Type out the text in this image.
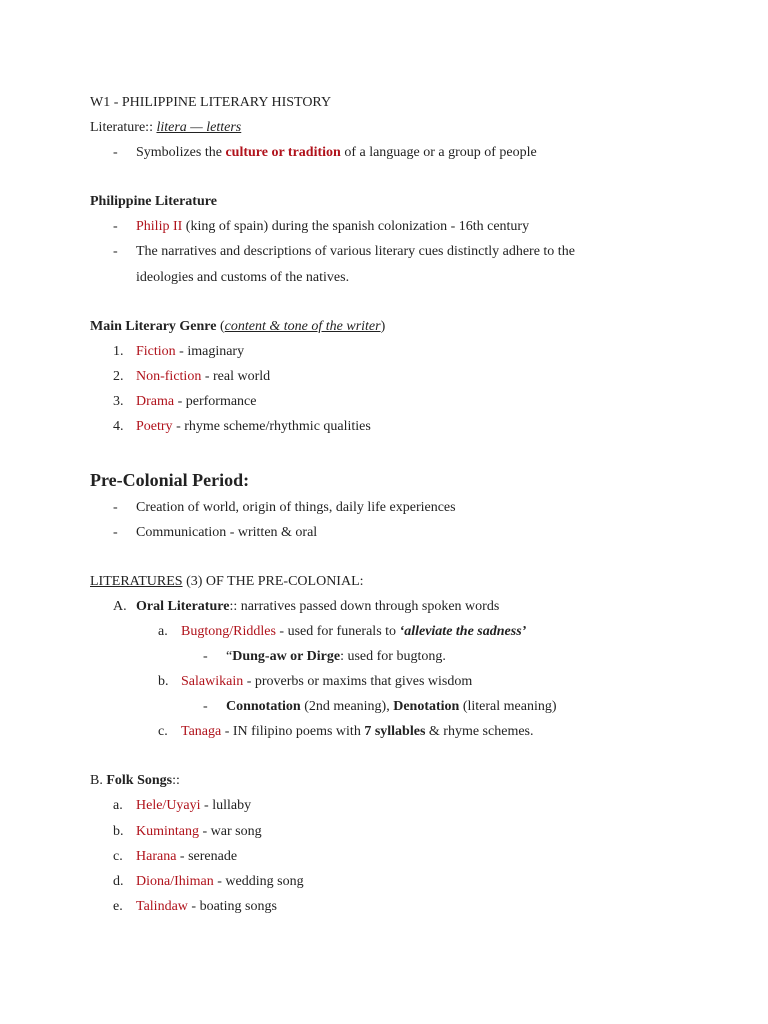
W1 - PHILIPPINE LITERARY HISTORY
Literature:: litera — letters
- Symbolizes the culture or tradition of a language or a group of people
Philippine Literature
- Philip II (king of spain) during the spanish colonization - 16th century
- The narratives and descriptions of various literary cues distinctly adhere to the
ideologies and customs of the natives.
Main Literary Genre (content & tone of the writer)
1. Fiction - imaginary
2. Non-fiction - real world
3. Drama - performance
4. Poetry - rhyme scheme/rhythmic qualities
Pre-Colonial Period:
- Creation of world, origin of things, daily life experiences
- Communication - written & oral
LITERATURES (3) OF THE PRE-COLONIAL:
A. Oral Literature:: narratives passed down through spoken words
a. Bugtong/Riddles - used for funerals to ‘alleviate the sadness’
- “Dung-aw or Dirge: used for bugtong.
b. Salawikain - proverbs or maxims that gives wisdom
- Connotation (2nd meaning), Denotation (literal meaning)
c. Tanaga - IN filipino poems with 7 syllables & rhyme schemes.
B. Folk Songs::
a. Hele/Uyayi - lullaby
b. Kumintang - war song
c. Harana - serenade
d. Diona/Ihiman - wedding song
e. Talindaw - boating songs
